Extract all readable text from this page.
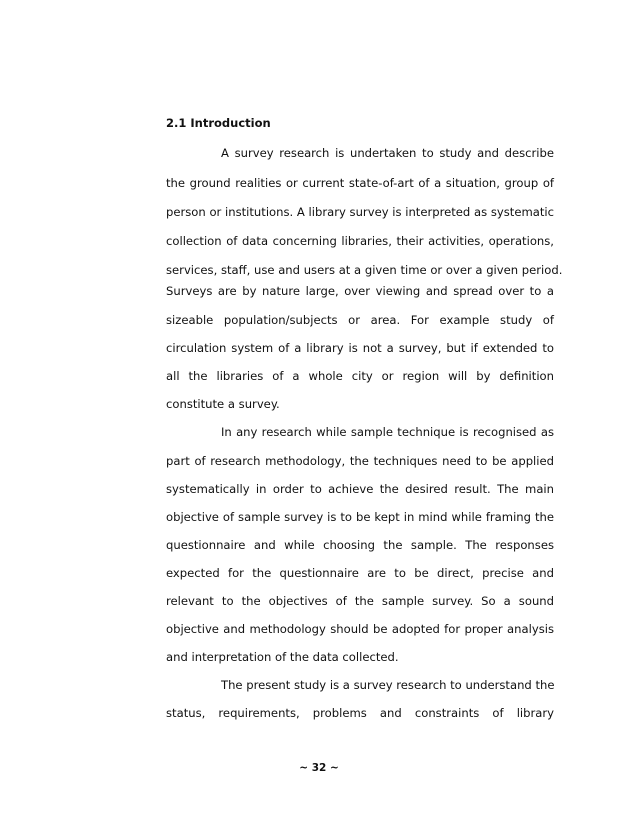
2.1 Introduction
A survey research is undertaken to study and describe
the ground realities or current state-of-art of a situation, group of
person or institutions. A library survey is interpreted as systematic
collection of data concerning libraries, their activities, operations,
services, staff, use and users at a given time or over a given period.
Surveys are by nature large, over viewing and spread over to a
sizeable population/subjects or area. For example study of
circulation system of a library is not a survey, but if extended to
all the libraries of a whole city or region will by definition
constitute a survey.
In any research while sample technique is recognised as
part of research methodology, the techniques need to be applied
systematically in order to achieve the desired result. The main
objective of sample survey is to be kept in mind while framing the
questionnaire and while choosing the sample. The responses
expected for the questionnaire are to be direct, precise and
relevant to the objectives of the sample survey. So a sound
objective and methodology should be adopted for proper analysis
and interpretation of the data collected.
The present study is a survey research to understand the
status, requirements, problems and constraints of library

~ 32 ~
